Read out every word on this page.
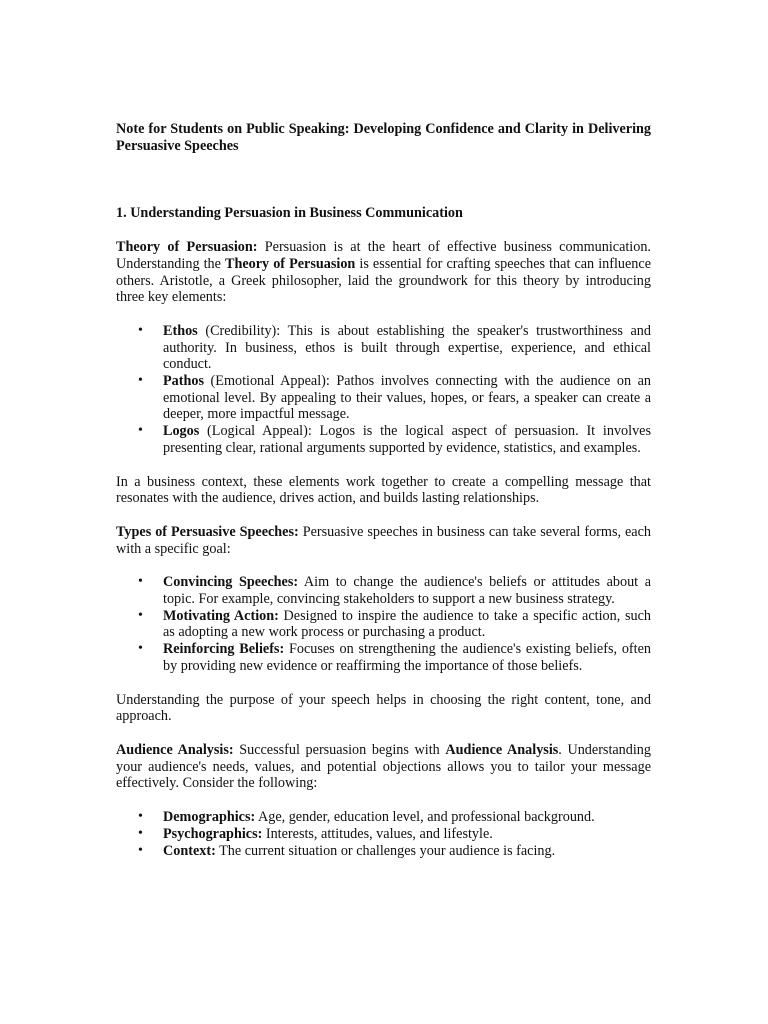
Note for Students on Public Speaking: Developing Confidence and Clarity in Delivering Persuasive Speeches
1. Understanding Persuasion in Business Communication

Theory of Persuasion: Persuasion is at the heart of effective business communication. Understanding the Theory of Persuasion is essential for crafting speeches that can influence others. Aristotle, a Greek philosopher, laid the groundwork for this theory by introducing three key elements:

• Ethos (Credibility): This is about establishing the speaker's trustworthiness and authority. In business, ethos is built through expertise, experience, and ethical conduct.
• Pathos (Emotional Appeal): Pathos involves connecting with the audience on an emotional level. By appealing to their values, hopes, or fears, a speaker can create a deeper, more impactful message.
• Logos (Logical Appeal): Logos is the logical aspect of persuasion. It involves presenting clear, rational arguments supported by evidence, statistics, and examples.

In a business context, these elements work together to create a compelling message that resonates with the audience, drives action, and builds lasting relationships.

Types of Persuasive Speeches: Persuasive speeches in business can take several forms, each with a specific goal:

• Convincing Speeches: Aim to change the audience's beliefs or attitudes about a topic. For example, convincing stakeholders to support a new business strategy.
• Motivating Action: Designed to inspire the audience to take a specific action, such as adopting a new work process or purchasing a product.
• Reinforcing Beliefs: Focuses on strengthening the audience's existing beliefs, often by providing new evidence or reaffirming the importance of those beliefs.

Understanding the purpose of your speech helps in choosing the right content, tone, and approach.

Audience Analysis: Successful persuasion begins with Audience Analysis. Understanding your audience's needs, values, and potential objections allows you to tailor your message effectively. Consider the following:

• Demographics: Age, gender, education level, and professional background.
• Psychographics: Interests, attitudes, values, and lifestyle.
• Context: The current situation or challenges your audience is facing.
